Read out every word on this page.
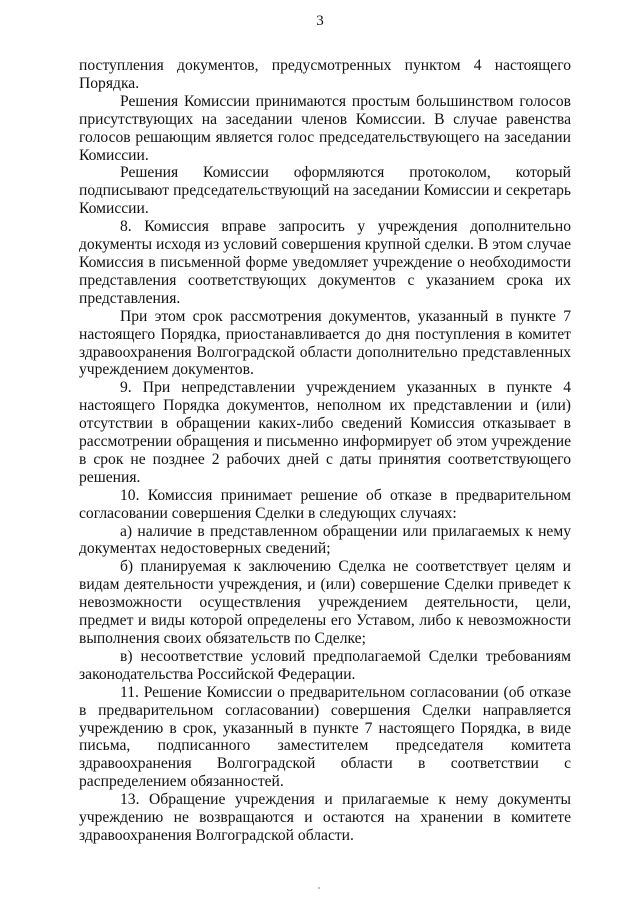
3

поступления документов, предусмотренных пунктом 4 настоящего Порядка.

Решения Комиссии принимаются простым большинством голосов присутствующих на заседании членов Комиссии. В случае равенства голосов решающим является голос председательствующего на заседании Комиссии.

Решения Комиссии оформляются протоколом, который подписывают председательствующий на заседании Комиссии и секретарь Комиссии.

8. Комиссия вправе запросить у учреждения дополнительно документы исходя из условий совершения крупной сделки. В этом случае Комиссия в письменной форме уведомляет учреждение о необходимости представления соответствующих документов с указанием срока их представления.

При этом срок рассмотрения документов, указанный в пункте 7 настоящего Порядка, приостанавливается до дня поступления в комитет здравоохранения Волгоградской области дополнительно представленных учреждением документов.

9. При непредставлении учреждением указанных в пункте 4 настоящего Порядка документов, неполном их представлении и (или) отсутствии в обращении каких-либо сведений Комиссия отказывает в рассмотрении обращения и письменно информирует об этом учреждение в срок не позднее 2 рабочих дней с даты принятия соответствующего решения.

10. Комиссия принимает решение об отказе в предварительном согласовании совершения Сделки в следующих случаях:

а) наличие в представленном обращении или прилагаемых к нему документах недостоверных сведений;

б) планируемая к заключению Сделка не соответствует целям и видам деятельности учреждения, и (или) совершение Сделки приведет к невозможности осуществления учреждением деятельности, цели, предмет и виды которой определены его Уставом, либо к невозможности выполнения своих обязательств по Сделке;

в) несоответствие условий предполагаемой Сделки требованиям законодательства Российской Федерации.

11. Решение Комиссии о предварительном согласовании (об отказе в предварительном согласовании) совершения Сделки направляется учреждению в срок, указанный в пункте 7 настоящего Порядка, в виде письма, подписанного заместителем председателя комитета здравоохранения Волгоградской области в соответствии с распределением обязанностей.

13. Обращение учреждения и прилагаемые к нему документы учреждению не возвращаются и остаются на хранении в комитете здравоохранения Волгоградской области.
